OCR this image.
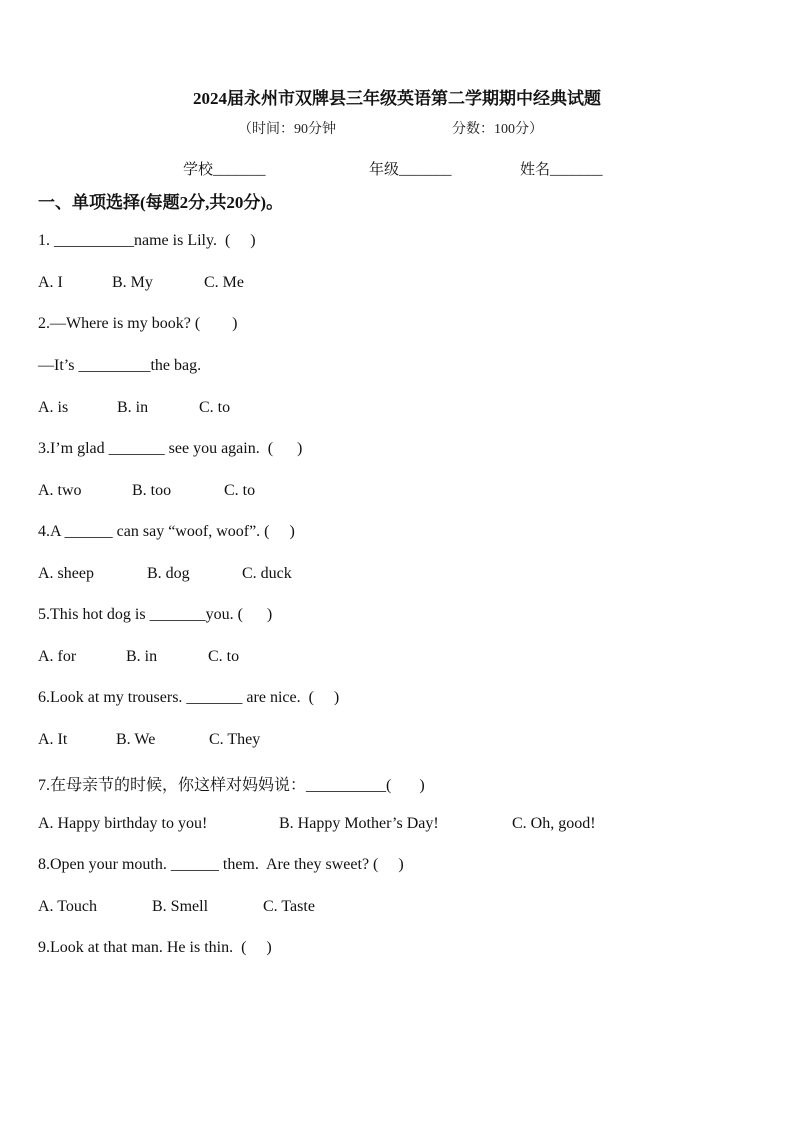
2024届永州市双牌县三年级英语第二学期期中经典试题
（时间：90分钟	分数：100分）
学校_______	年级_______	姓名_______
一、单项选择(每题2分,共20分)。
1. __________name is Lily.  (     )
A. I	B. My	C. Me
2.—Where is my book? (        )
—It’s _________the bag.
A. is	B. in	C. to
3.I’m glad _______ see you again.  (      )
A. two	B. too	C. to
4.A ______ can say “woof, woof”. (     )
A. sheep	B. dog	C. duck
5.This hot dog is _______you. (      )
A. for	B. in	C. to
6.Look at my trousers. _______ are nice.  (     )
A. It	B. We	C. They
7.在母亲节的时候，你这样对妈妈说：__________(       )
A. Happy birthday to you!	B. Happy Mother’s Day!	C. Oh, good!
8.Open your mouth. ______ them.  Are they sweet? (     )
A. Touch	B. Smell	C. Taste
9.Look at that man. He is thin.  (     )
